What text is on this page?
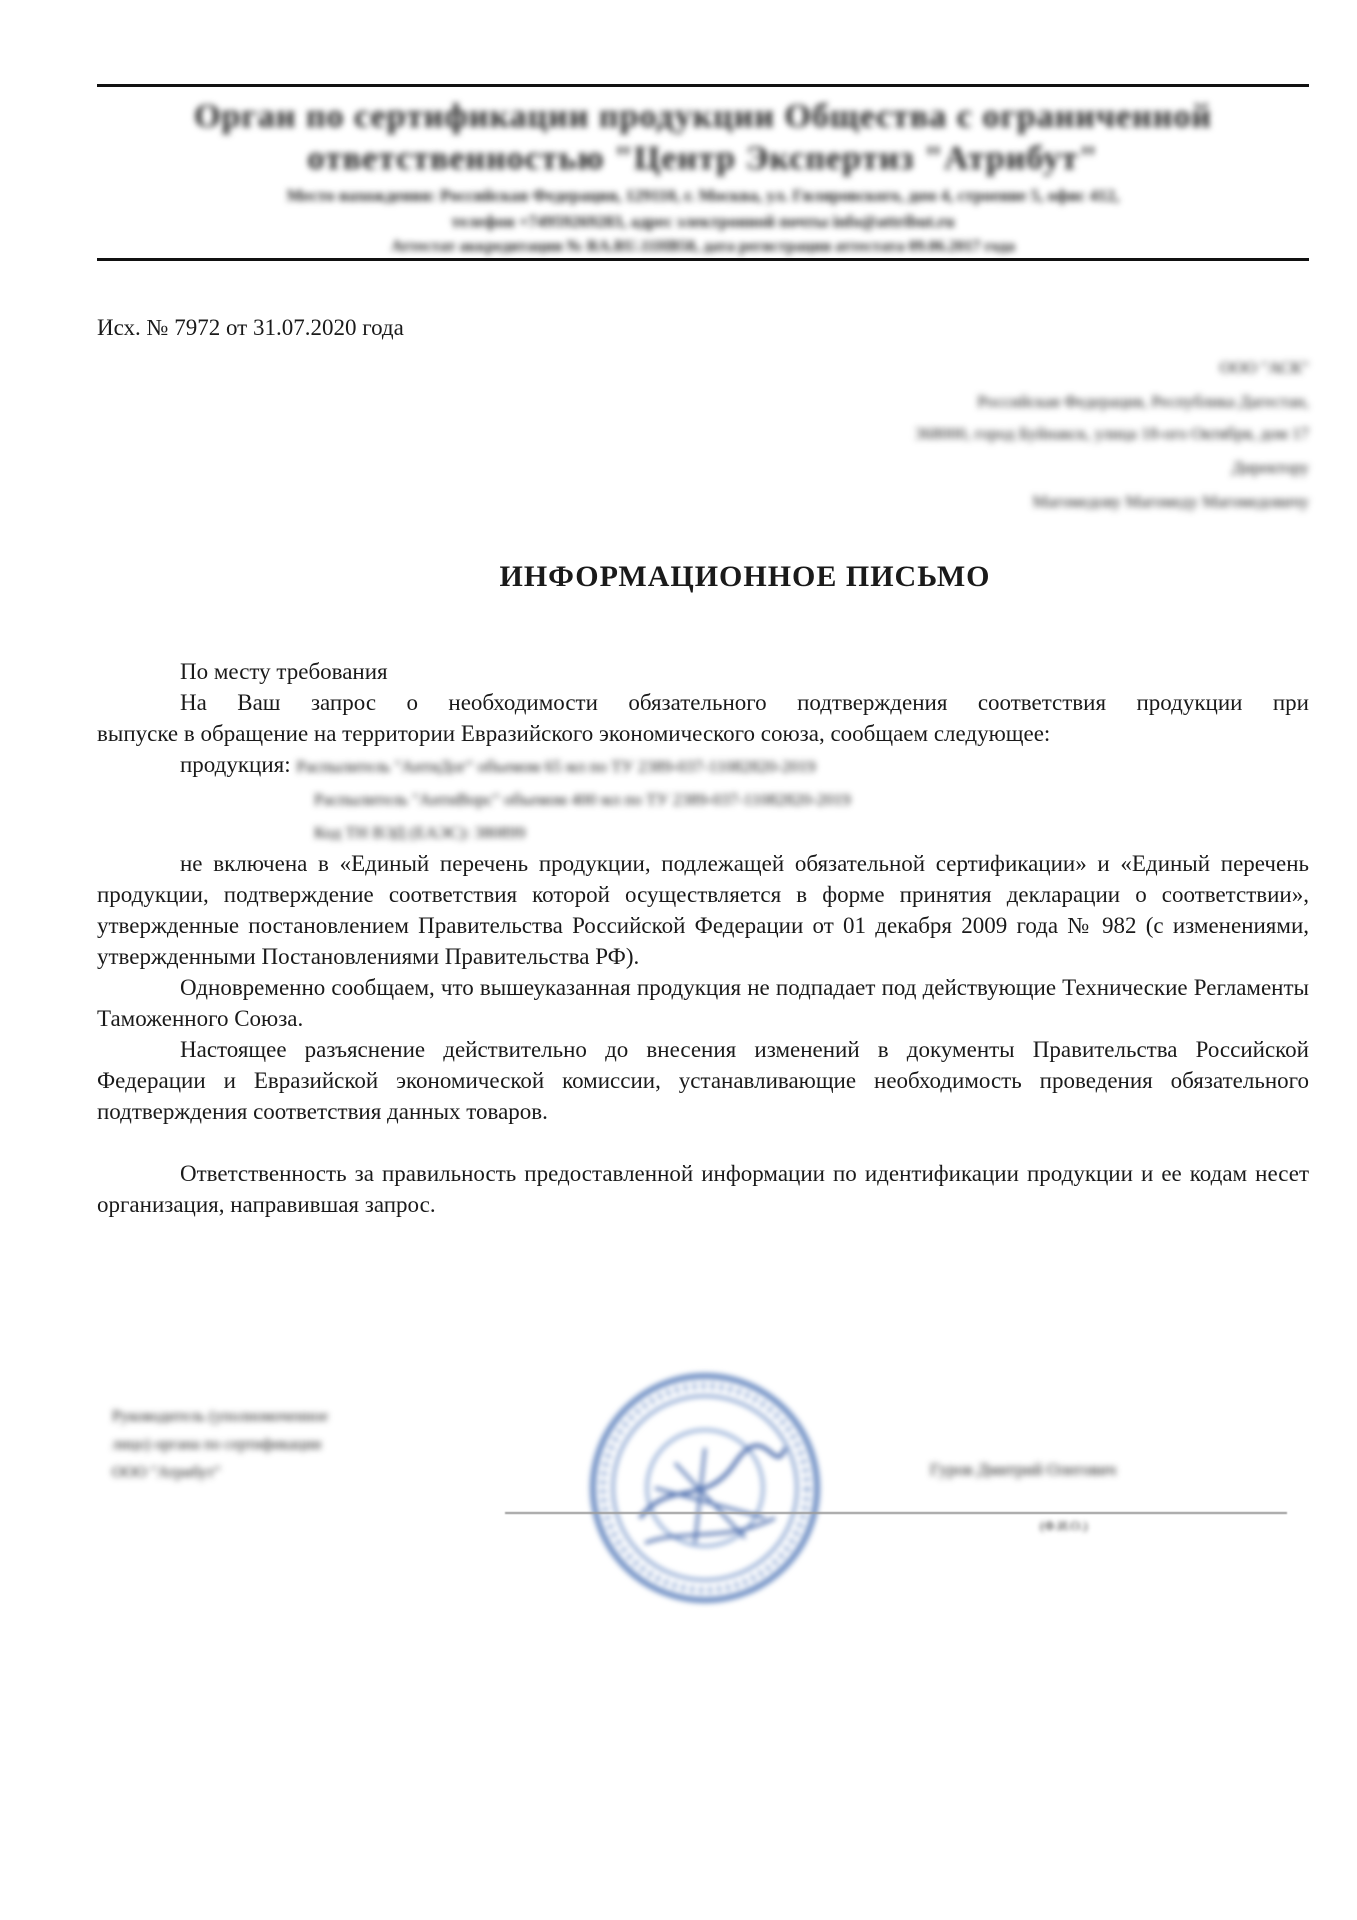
Орган по сертификации продукции Общества с ограниченной
ответственностью "Центр Экспертиз "Атрибут"
Место нахождения: Российская Федерация, 129110, г. Москва, ул. Гиляровского, дом 4, строение 5, офис 412,
телефон +74959269283, адрес электронной почты info@attribut.ru
Аттестат аккредитации № RA.RU.11НВ58, дата регистрации аттестата 09.06.2017 года
Исх. № 7972 от 31.07.2020 года
ООО "АСК"
Российская Федерация, Республика Дагестан,
368000, город Буйнакск, улица 18-ого Октября, дом 17
Директору
Магомедову Магомеду Магомедовичу
ИНФОРМАЦИОННОЕ ПИСЬМО
По месту требования
На Ваш запрос о необходимости обязательного подтверждения соответствия продукции при
выпуске в обращение на территории Евразийского экономического союза, сообщаем следующее:
продукция: Распылитель "АнтиДог" объемом 65 мл по ТУ 2389-037-11082820-2019
Распылитель "АнтиВорс" объемом 400 мл по ТУ 2389-037-11082820-2019
Код ТН ВЭД (ЕАЭС): 380899

не включена в «Единый перечень продукции, подлежащей обязательной сертификации» и «Единый перечень продукции, подтверждение соответствия которой осуществляется в форме принятия декларации о соответствии», утвержденные постановлением Правительства Российской Федерации от 01 декабря 2009 года № 982 (с изменениями, утвержденными Постановлениями Правительства РФ).

Одновременно сообщаем, что вышеуказанная продукция не подпадает под действующие Технические Регламенты Таможенного Союза.

Настоящее разъяснение действительно до внесения изменений в документы Правительства Российской Федерации и Евразийской экономической комиссии, устанавливающие необходимость проведения обязательного подтверждения соответствия данных товаров.

Ответственность за правильность предоставленной информации по идентификации продукции и ее кодам несет организация, направившая запрос.

Руководитель (уполномоченное
лицо) органа по сертификации
ООО "Атрибут"	Гуров Дмитрий Олегович
(Ф.И.О.)
